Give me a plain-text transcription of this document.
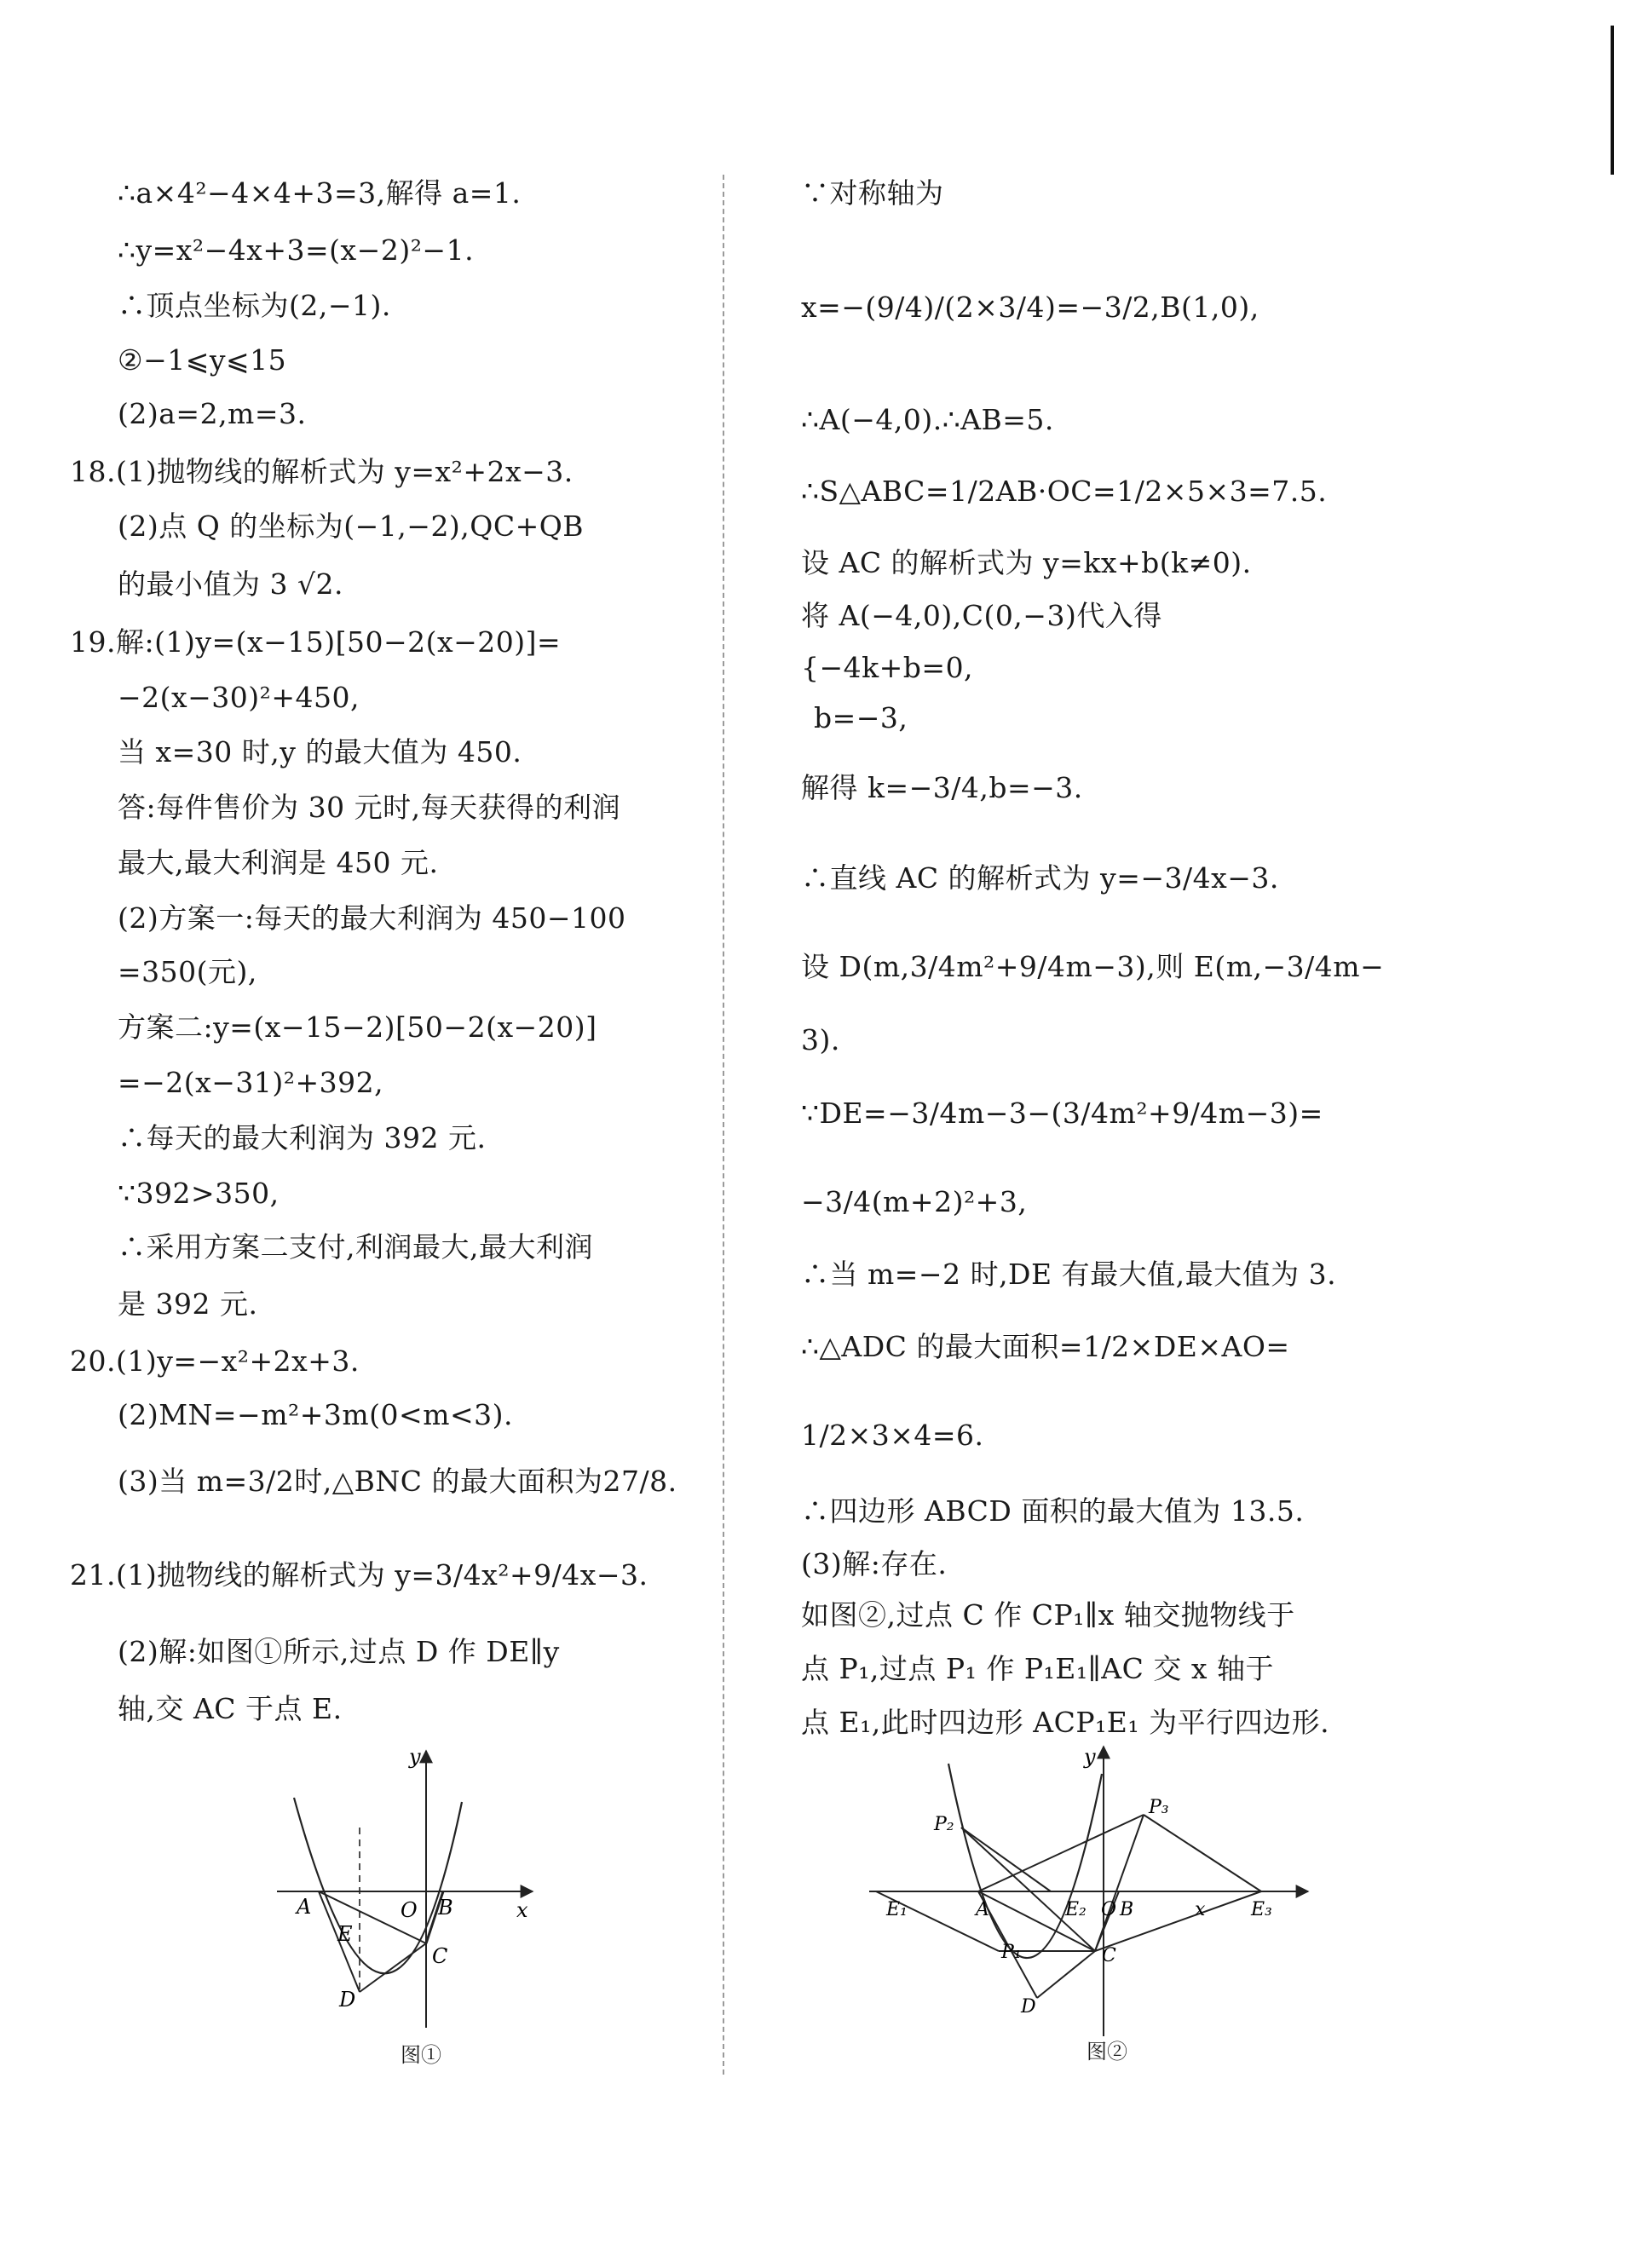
∴a×4²−4×4+3=3,解得 a=1.
∴y=x²−4x+3=(x−2)²−1.
∴顶点坐标为(2,−1).
②−1⩽y⩽15
(2)a=2,m=3.
18.(1)抛物线的解析式为 y=x²+2x−3.
(2)点 Q 的坐标为(−1,−2),QC+QB
的最小值为 3 √2.
19.解:(1)y=(x−15)[50−2(x−20)]=
−2(x−30)²+450,
当 x=30 时,y 的最大值为 450.
答:每件售价为 30 元时,每天获得的利润
最大,最大利润是 450 元.
(2)方案一:每天的最大利润为 450−100
=350(元),
方案二:y=(x−15−2)[50−2(x−20)]
=−2(x−31)²+392,
∴每天的最大利润为 392 元.
∵392>350,
∴采用方案二支付,利润最大,最大利润
是 392 元.
20.(1)y=−x²+2x+3.
(2)MN=−m²+3m(0<m<3).
(3)当 m=3/2时,△BNC 的最大面积为27/8.
21.(1)抛物线的解析式为 y=3/4x²+9/4x−3.
(2)解:如图①所示,过点 D 作 DE∥y
轴,交 AC 于点 E.
∵对称轴为
x=−(9/4)/(2×3/4)=−3/2,B(1,0),
∴A(−4,0).∴AB=5.
∴S△ABC=1/2AB·OC=1/2×5×3=7.5.
设 AC 的解析式为 y=kx+b(k≠0).
将 A(−4,0),C(0,−3)代入得
{−4k+b=0,
b=−3,
解得 k=−3/4,b=−3.
∴直线 AC 的解析式为 y=−3/4x−3.
设 D(m,3/4m²+9/4m−3),则 E(m,−3/4m−
3).
∵DE=−3/4m−3−(3/4m²+9/4m−3)=
−3/4(m+2)²+3,
∴当 m=−2 时,DE 有最大值,最大值为 3.
∴△ADC 的最大面积=1/2×DE×AO=
1/2×3×4=6.
∴四边形 ABCD 面积的最大值为 13.5.
(3)解:存在.
如图②,过点 C 作 CP₁∥x 轴交抛物线于
点 P₁,过点 P₁ 作 P₁E₁∥AC 交 x 轴于
点 E₁,此时四边形 ACP₁E₁ 为平行四边形.
y
x
A	O B
E
C
D
图①
y
P₂
P₃
E₁	A	E₂ O B	x E₃
P₁	C
D
图②
